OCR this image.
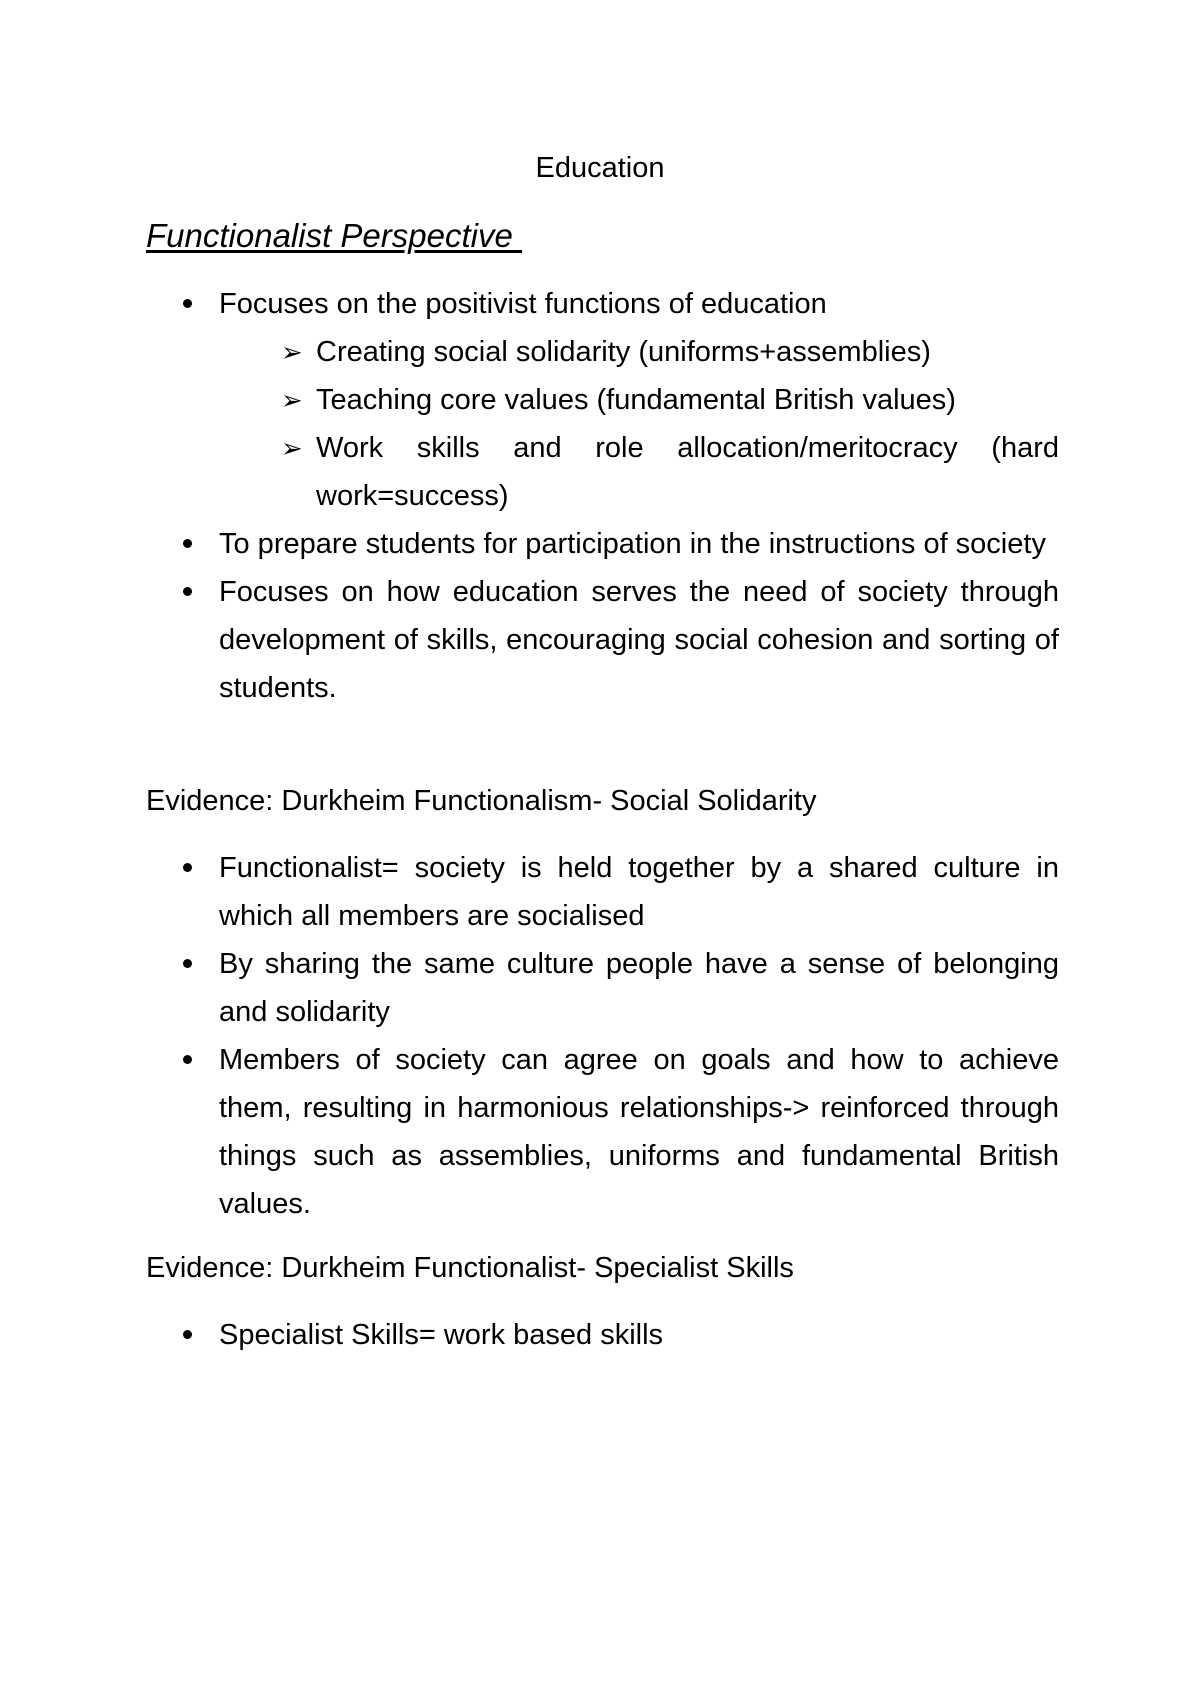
Education
Functionalist Perspective
Focuses on the positivist functions of education
➢ Creating social solidarity (uniforms+assemblies)
➢ Teaching core values (fundamental British values)
➢ Work skills and role allocation/meritocracy (hard work=success)
To prepare students for participation in the instructions of society
Focuses on how education serves the need of society through development of skills, encouraging social cohesion and sorting of students.

Evidence: Durkheim Functionalism- Social Solidarity

Functionalist= society is held together by a shared culture in which all members are socialised
By sharing the same culture people have a sense of belonging and solidarity
Members of society can agree on goals and how to achieve them, resulting in harmonious relationships-> reinforced through things such as assemblies, uniforms and fundamental British values.

Evidence: Durkheim Functionalist- Specialist Skills

Specialist Skills= work based skills
